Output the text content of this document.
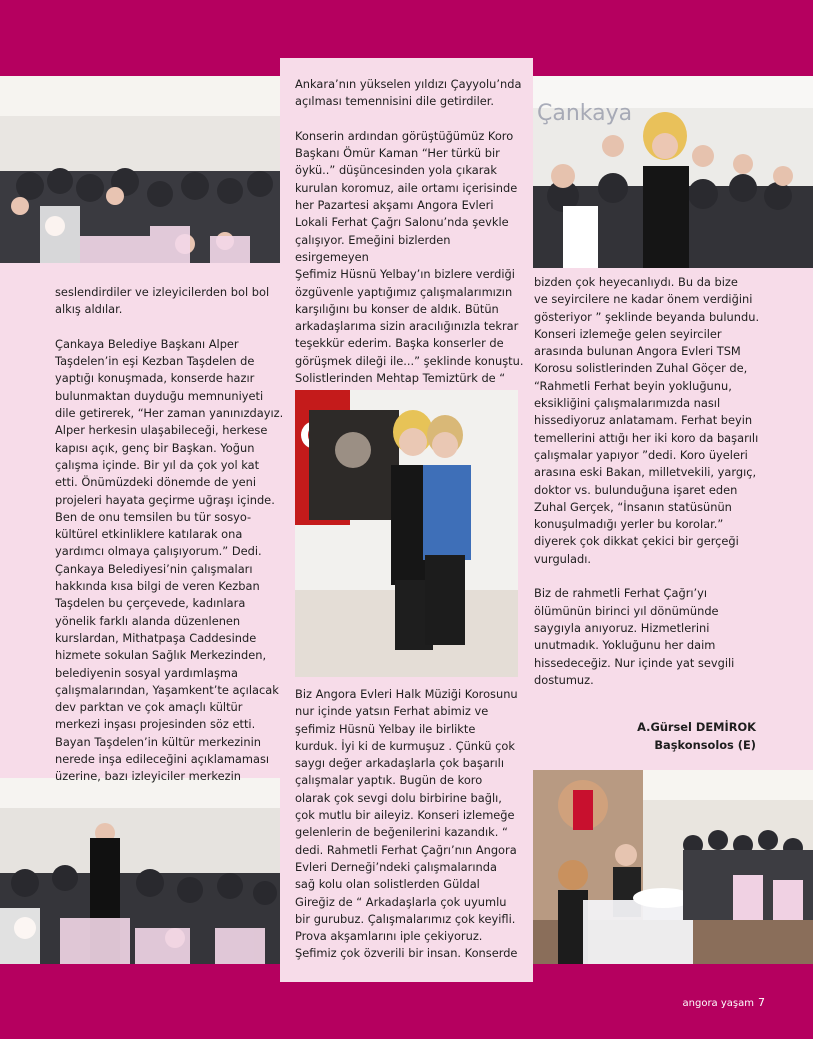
Çankaya
seslendirdiler ve izleyicilerden bol bol
alkış aldılar.

Çankaya Belediye Başkanı Alper
Taşdelen’in eşi Kezban Taşdelen de
yaptığı konuşmada, konserde hazır
bulunmaktan duyduğu memnuniyeti
dile getirerek, “Her zaman yanınızdayız.
Alper herkesin ulaşabileceği, herkese
kapısı açık, genç bir Başkan. Yoğun
çalışma içinde. Bir yıl da çok yol kat
etti. Önümüzdeki dönemde de yeni
projeleri hayata geçirme uğraşı içinde.
Ben de onu temsilen bu tür sosyo-
kültürel etkinliklere katılarak ona
yardımcı olmaya çalışıyorum.” Dedi.
Çankaya Belediyesi’nin çalışmaları
hakkında kısa bilgi de veren Kezban
Taşdelen bu çerçevede, kadınlara
yönelik farklı alanda düzenlenen
kurslardan, Mithatpaşa Caddesinde
hizmete sokulan Sağlık Merkezinden,
belediyenin sosyal yardımlaşma
çalışmalarından, Yaşamkent’te açılacak
dev parktan ve çok amaçlı kültür
merkezi inşası projesinden söz etti.
Bayan Taşdelen’in kültür merkezinin
nerede inşa edileceğini açıklamaması
üzerine, bazı izleyiciler merkezin
Ankara’nın yükselen yıldızı Çayyolu’nda
açılması temennisini dile getirdiler.

Konserin ardından görüştüğümüz Koro
Başkanı Ömür Kaman “Her türkü bir
öykü..” düşüncesinden yola çıkarak
kurulan koromuz, aile ortamı içerisinde
her Pazartesi akşamı Angora Evleri
Lokali Ferhat Çağrı Salonu’nda şevkle
çalışıyor. Emeğini bizlerden esirgemeyen
Şefimiz Hüsnü Yelbay’ın bizlere verdiği
özgüvenle yaptığımız çalışmalarımızın
karşılığını bu konser de aldık. Bütün
arkadaşlarıma sizin aracılığınızla tekrar
teşekkür ederim. Başka konserler de
görüşmek dileği ile...” şeklinde konuştu.
Solistlerinden Mehtap Temiztürk de “
Biz Angora Evleri Halk Müziği Korosunu
nur içinde yatsın Ferhat abimiz ve
şefimiz Hüsnü Yelbay ile birlikte
kurduk. İyi ki de kurmuşuz . Çünkü çok
saygı değer arkadaşlarla çok başarılı
çalışmalar yaptık. Bugün de koro
olarak çok sevgi dolu birbirine bağlı,
çok mutlu bir aileyiz. Konseri izlemeğe
gelenlerin de beğenilerini kazandık. “
dedi. Rahmetli Ferhat Çağrı’nın Angora
Evleri Derneği’ndeki çalışmalarında
sağ kolu olan solistlerden Güldal
Gireğiz de “ Arkadaşlarla çok uyumlu
bir gurubuz. Çalışmalarımız çok keyifli.
Prova akşamlarını iple çekiyoruz.
Şefimiz çok özverili bir insan. Konserde
bizden çok heyecanlıydı. Bu da bize
ve seyircilere ne kadar önem verdiğini
gösteriyor ” şeklinde beyanda bulundu.
Konseri izlemeğe gelen seyirciler
arasında bulunan Angora Evleri TSM
Korosu solistlerinden Zuhal Göçer de,
“Rahmetli Ferhat beyin yokluğunu,
eksikliğini çalışmalarımızda nasıl
hissediyoruz anlatamam. Ferhat beyin
temellerini attığı her iki koro da başarılı
çalışmalar yapıyor ”dedi. Koro üyeleri
arasına eski Bakan, milletvekili, yargıç,
doktor vs. bulunduğuna işaret eden
Zuhal Gerçek, “İnsanın statüsünün
konuşulmadığı yerler bu korolar.”
diyerek çok dikkat çekici bir gerçeği
vurguladı.

Biz de rahmetli Ferhat Çağrı’yı
ölümünün birinci yıl dönümünde
saygıyla anıyoruz. Hizmetlerini
unutmadık. Yokluğunu her daim
hissedeceğiz. Nur içinde yat sevgili
dostumuz.
A.Gürsel DEMİROK
Başkonsolos (E)
angora yaşam 7
